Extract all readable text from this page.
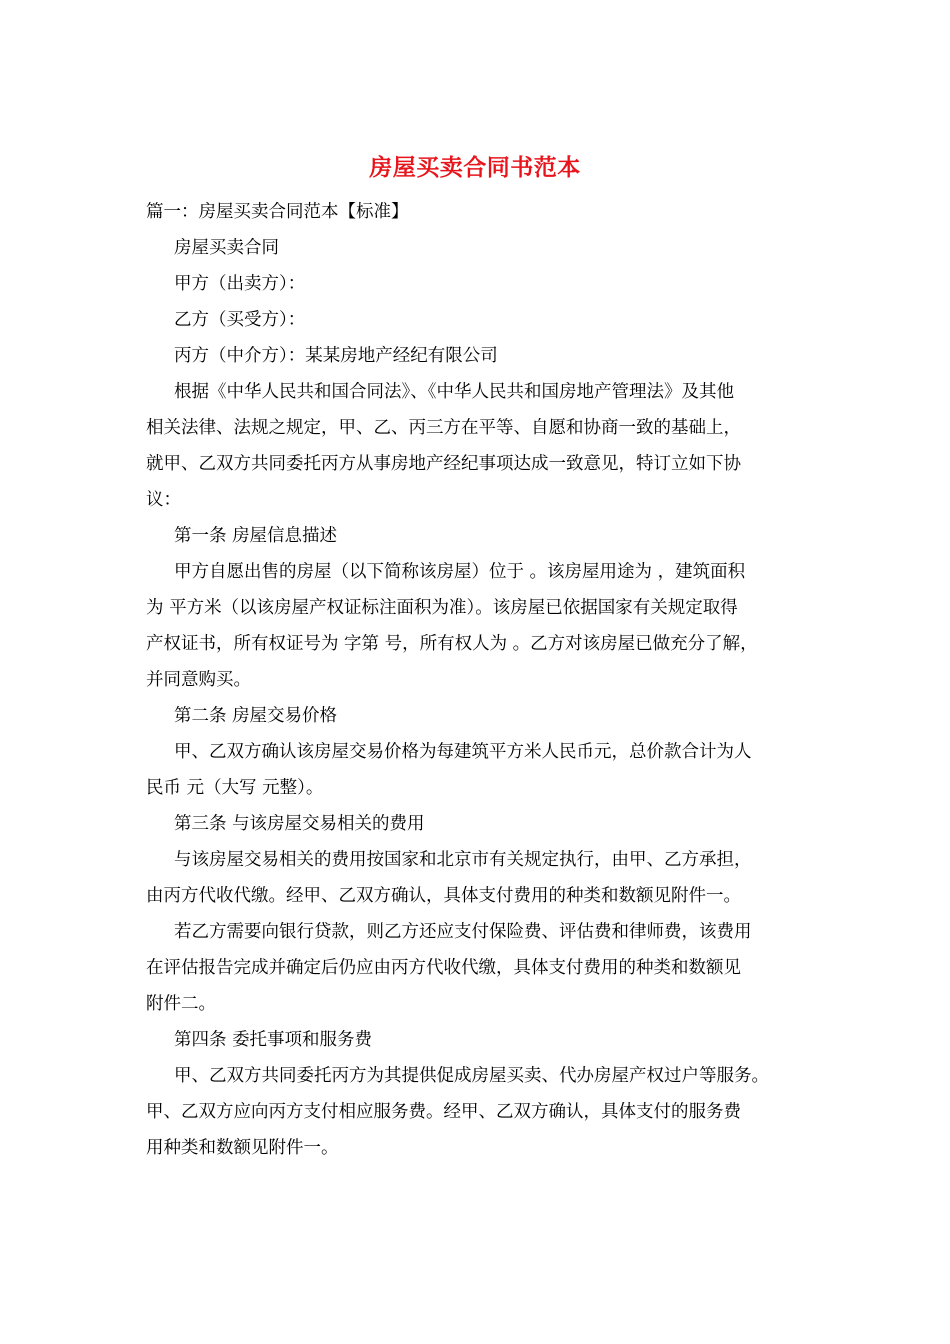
房屋买卖合同书范本
篇一：房屋买卖合同范本【标准】
房屋买卖合同
甲方（出卖方）：
乙方（买受方）：
丙方（中介方）：某某房地产经纪有限公司
根据《中华人民共和国合同法》、《中华人民共和国房地产管理法》及其他
相关法律、法规之规定，甲、乙、丙三方在平等、自愿和协商一致的基础上，
就甲、乙双方共同委托丙方从事房地产经纪事项达成一致意见，特订立如下协
议：
第一条 房屋信息描述
甲方自愿出售的房屋（以下简称该房屋）位于 。该房屋用途为 ，建筑面积
为 平方米（以该房屋产权证标注面积为准）。该房屋已依据国家有关规定取得
产权证书，所有权证号为 字第 号，所有权人为 。乙方对该房屋已做充分了解，
并同意购买。
第二条 房屋交易价格
甲、乙双方确认该房屋交易价格为每建筑平方米人民币元，总价款合计为人
民币 元（大写 元整）。
第三条 与该房屋交易相关的费用
与该房屋交易相关的费用按国家和北京市有关规定执行，由甲、乙方承担，
由丙方代收代缴。经甲、乙双方确认，具体支付费用的种类和数额见附件一。
若乙方需要向银行贷款，则乙方还应支付保险费、评估费和律师费，该费用
在评估报告完成并确定后仍应由丙方代收代缴，具体支付费用的种类和数额见
附件二。
第四条 委托事项和服务费
甲、乙双方共同委托丙方为其提供促成房屋买卖、代办房屋产权过户等服务。
甲、乙双方应向丙方支付相应服务费。经甲、乙双方确认，具体支付的服务费
用种类和数额见附件一。
